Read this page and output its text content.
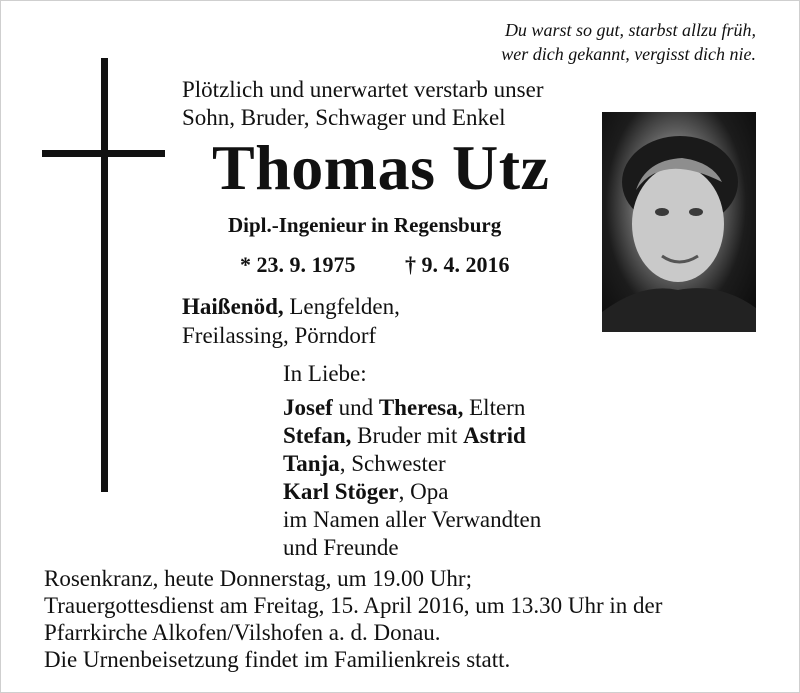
Du warst so gut, starbst allzu früh,
wer dich gekannt, vergisst dich nie.
Plötzlich und unerwartet verstarb unser
Sohn, Bruder, Schwager und Enkel
Thomas Utz
Dipl.-Ingenieur in Regensburg
* 23. 9. 1975 † 9. 4. 2016
Haißenöd, Lengfelden,
Freilassing, Pörndorf
In Liebe:
Josef und Theresa, Eltern
Stefan, Bruder mit Astrid
Tanja, Schwester
Karl Stöger, Opa
im Namen aller Verwandten
und Freunde
Rosenkranz, heute Donnerstag, um 19.00 Uhr;
Trauergottesdienst am Freitag, 15. April 2016, um 13.30 Uhr in der
Pfarrkirche Alkofen/Vilshofen a. d. Donau.
Die Urnenbeisetzung findet im Familienkreis statt.
